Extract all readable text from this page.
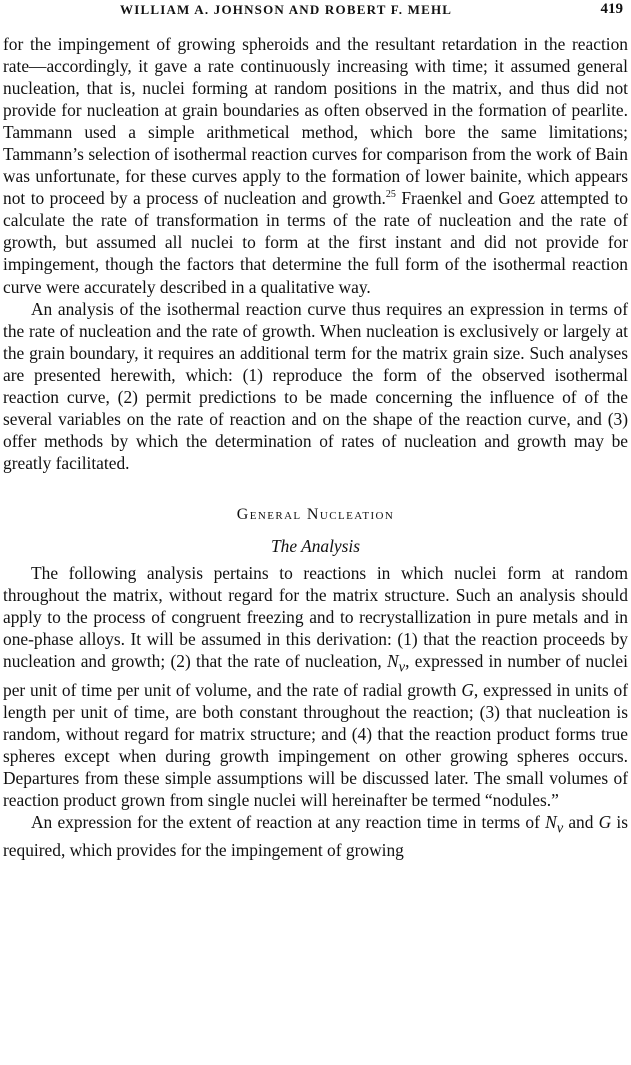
WILLIAM A. JOHNSON AND ROBERT F. MEHL	419

for the impingement of growing spheroids and the resultant retardation in the reaction rate—accordingly, it gave a rate continuously increasing with time; it assumed general nucleation, that is, nuclei forming at random positions in the matrix, and thus did not provide for nucleation at grain boundaries as often observed in the formation of pearlite. Tammann used a simple arithmetical method, which bore the same limitations; Tammann’s selection of isothermal reaction curves for comparison from the work of Bain was unfortunate, for these curves apply to the formation of lower bainite, which appears not to proceed by a process of nucleation and growth.$^{25}$ Fraenkel and Goez attempted to calculate the rate of transformation in terms of the rate of nucleation and the rate of growth, but assumed all nuclei to form at the first instant and did not provide for impingement, though the factors that determine the full form of the isothermal reaction curve were accurately described in a qualitative way.

An analysis of the isothermal reaction curve thus requires an expression in terms of the rate of nucleation and the rate of growth. When nucleation is exclusively or largely at the grain boundary, it requires an additional term for the matrix grain size. Such analyses are presented herewith, which: (1) reproduce the form of the observed isothermal reaction curve, (2) permit predictions to be made concerning the influence of of the several variables on the rate of reaction and on the shape of the reaction curve, and (3) offer methods by which the determination of rates of nucleation and growth may be greatly facilitated.

General Nucleation
The Analysis

The following analysis pertains to reactions in which nuclei form at random throughout the matrix, without regard for the matrix structure. Such an analysis should apply to the process of congruent freezing and to recrystallization in pure metals and in one-phase alloys. It will be assumed in this derivation: (1) that the reaction proceeds by nucleation and growth; (2) that the rate of nucleation, $N_v$, expressed in number of nuclei per unit of time per unit of volume, and the rate of radial growth G, expressed in units of length per unit of time, are both constant throughout the reaction; (3) that nucleation is random, without regard for matrix structure; and (4) that the reaction product forms true spheres except when during growth impingement on other growing spheres occurs. Departures from these simple assumptions will be discussed later. The small volumes of reaction product grown from single nuclei will hereinafter be termed “nodules.”

An expression for the extent of reaction at any reaction time in terms of $N_v$ and G is required, which provides for the impingement of growing
